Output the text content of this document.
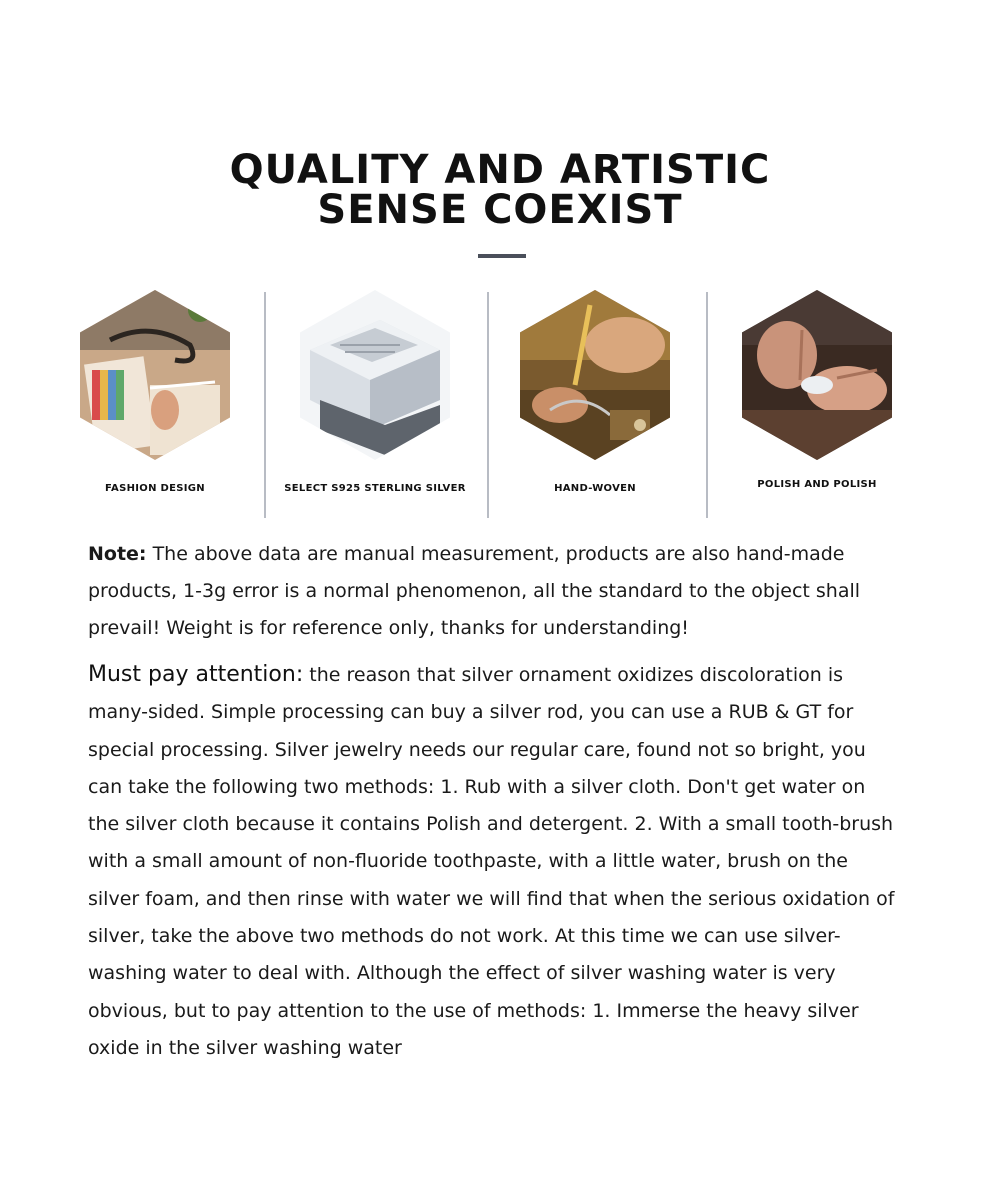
QUALITY AND ARTISTIC
SENSE COEXIST
FASHION DESIGN	SELECT S925 STERLING SILVER	HAND-WOVEN	POLISH AND POLISH

Note: The above data are manual measurement, products are also hand-made products, 1-3g error is a normal phenomenon, all the standard to the object shall prevail! Weight is for reference only, thanks for understanding!

Must pay attention: the reason that silver ornament oxidizes discoloration is many-sided. Simple processing can buy a silver rod, you can use a RUB & GT for special processing. Silver jewelry needs our regular care, found not so bright, you can take the following two methods: 1. Rub with a silver cloth. Don't get water on the silver cloth because it contains Polish and detergent. 2. With a small tooth-brush with a small amount of non-fluoride toothpaste, with a little water, brush on the silver foam, and then rinse with water we will find that when the serious oxidation of silver, take the above two methods do not work. At this time we can use silver-washing water to deal with. Although the effect of silver washing water is very obvious, but to pay attention to the use of methods: 1. Immerse the heavy silver oxide in the silver washing water
